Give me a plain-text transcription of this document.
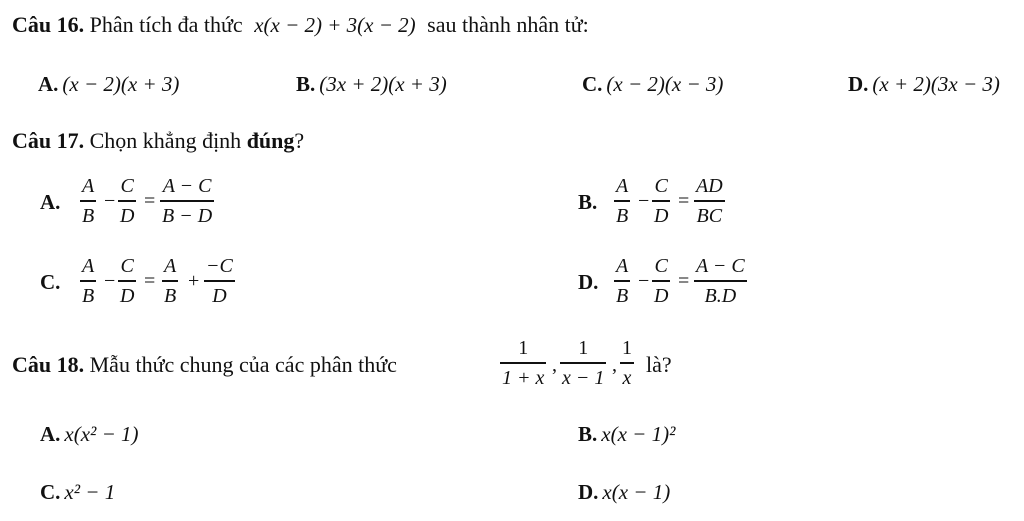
Câu 16. Phân tích đa thức x(x − 2) + 3(x − 2) sau thành nhân tử:
A. (x − 2)(x + 3)	B. (3x + 2)(x + 3)	C. (x − 2)(x − 3)	D. (x + 2)(3x − 3)
Câu 17. Chọn khẳng định đúng?
A.
A
B
−
C
D
=
A − C
B − D
B.
A
B
−
C
D
=
AD
BC
C.
A
B
−
C
D
=
A
B
+
−C
D
D.
A
B
−
C
D
=
A − C
B.D
Câu 18. Mẫu thức chung của các phân thức
1
1 + x
,
1
x − 1
,
1
x
là?
A. x(x² − 1)	B. x(x − 1)²
C. x² − 1	D. x(x − 1)
